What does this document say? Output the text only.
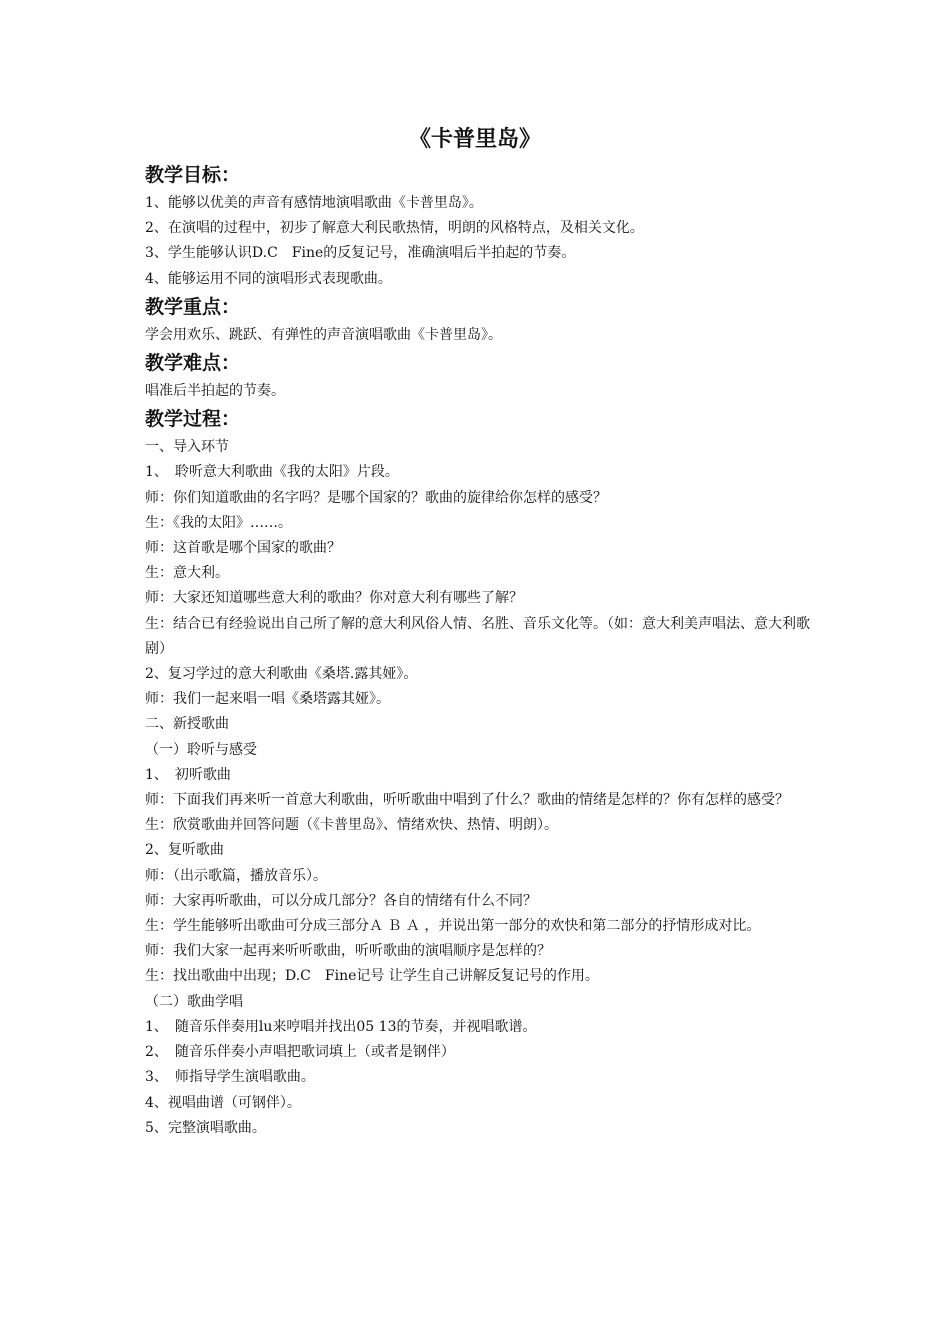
《卡普里岛》
教学目标：

1、能够以优美的声音有感情地演唱歌曲《卡普里岛》。

2、在演唱的过程中，初步了解意大利民歌热情，明朗的风格特点，及相关文化。

3、学生能够认识D.C　Fine的反复记号，准确演唱后半拍起的节奏。

4、能够运用不同的演唱形式表现歌曲。

教学重点：

学会用欢乐、跳跃、有弹性的声音演唱歌曲《卡普里岛》。

教学难点：

唱准后半拍起的节奏。

教学过程：

一、导入环节

1、　聆听意大利歌曲《我的太阳》片段。

师：你们知道歌曲的名字吗？是哪个国家的？歌曲的旋律给你怎样的感受？

生：《我的太阳》……。

师：这首歌是哪个国家的歌曲？

生：意大利。

师：大家还知道哪些意大利的歌曲？你对意大利有哪些了解？

生：结合已有经验说出自己所了解的意大利风俗人情、名胜、音乐文化等。（如：意大利美声唱法、意大利歌剧）

2、复习学过的意大利歌曲《桑塔.露其娅》。

师：我们一起来唱一唱《桑塔露其娅》。

二、新授歌曲

（一）聆听与感受

1、　初听歌曲

师：下面我们再来听一首意大利歌曲，听听歌曲中唱到了什么？歌曲的情绪是怎样的？你有怎样的感受？

生：欣赏歌曲并回答问题（《卡普里岛》、情绪欢快、热情、明朗）。

2、复听歌曲

师：（出示歌篇，播放音乐）。

师：大家再听歌曲，可以分成几部分？各自的情绪有什么不同？

生：学生能够听出歌曲可分成三部分Ａ Ｂ Ａ ，并说出第一部分的欢快和第二部分的抒情形成对比。

师：我们大家一起再来听听歌曲，听听歌曲的演唱顺序是怎样的？

生：找出歌曲中出现；D.C　Fine记号 让学生自己讲解反复记号的作用。

（二）歌曲学唱

1、　随音乐伴奏用lu来哼唱并找出05 13的节奏，并视唱歌谱。

2、　随音乐伴奏小声唱把歌词填上（或者是钢伴）

3、　师指导学生演唱歌曲。

4、视唱曲谱（可钢伴）。

5、完整演唱歌曲。
